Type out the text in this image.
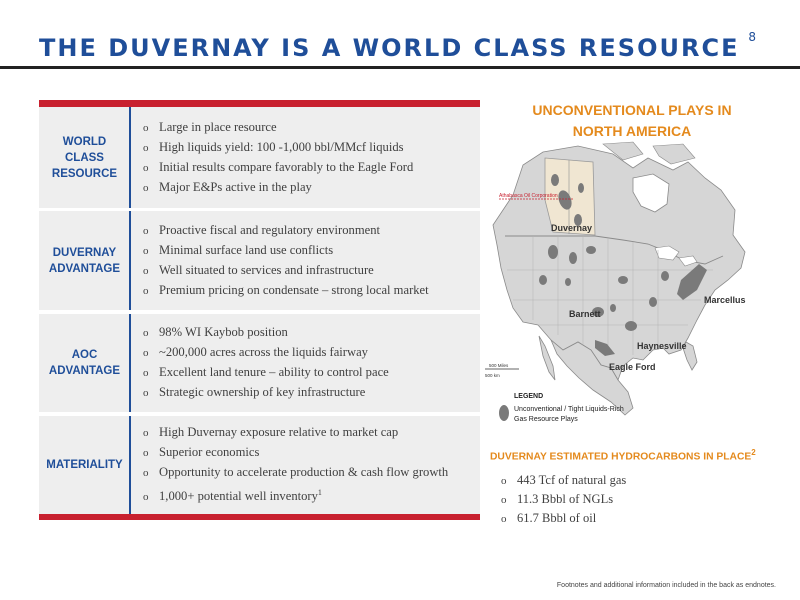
8
THE DUVERNAY IS A WORLD CLASS RESOURCE
WORLD CLASS RESOURCE
o Large in place resource
o High liquids yield: 100 -1,000 bbl/MMcf liquids
o Initial results compare favorably to the Eagle Ford
o Major E&Ps active in the play
DUVERNAY ADVANTAGE
o Proactive fiscal and regulatory environment
o Minimal surface land use conflicts
o Well situated to services and infrastructure
o Premium pricing on condensate – strong local market
AOC ADVANTAGE
o 98% WI Kaybob position
o ~200,000 acres across the liquids fairway
o Excellent land tenure – ability to control pace
o Strategic ownership of key infrastructure
MATERIALITY
o High Duvernay exposure relative to market cap
o Superior economics
o Opportunity to accelerate production & cash flow growth
o 1,000+ potential well inventory$^1$
UNCONVENTIONAL PLAYS IN
NORTH AMERICA
Athabasca Oil Corporation
Duvernay
Marcellus
Barnett
Haynesville
Eagle Ford
500 Miles
500 km
LEGEND
Unconventional / Tight Liquids-Rich
Gas Resource Plays
DUVERNAY ESTIMATED HYDROCARBONS IN PLACE$^2$
o 443 Tcf of natural gas
o 11.3 Bbbl of NGLs
o 61.7 Bbbl of oil
Footnotes and additional information included in the back as endnotes.
